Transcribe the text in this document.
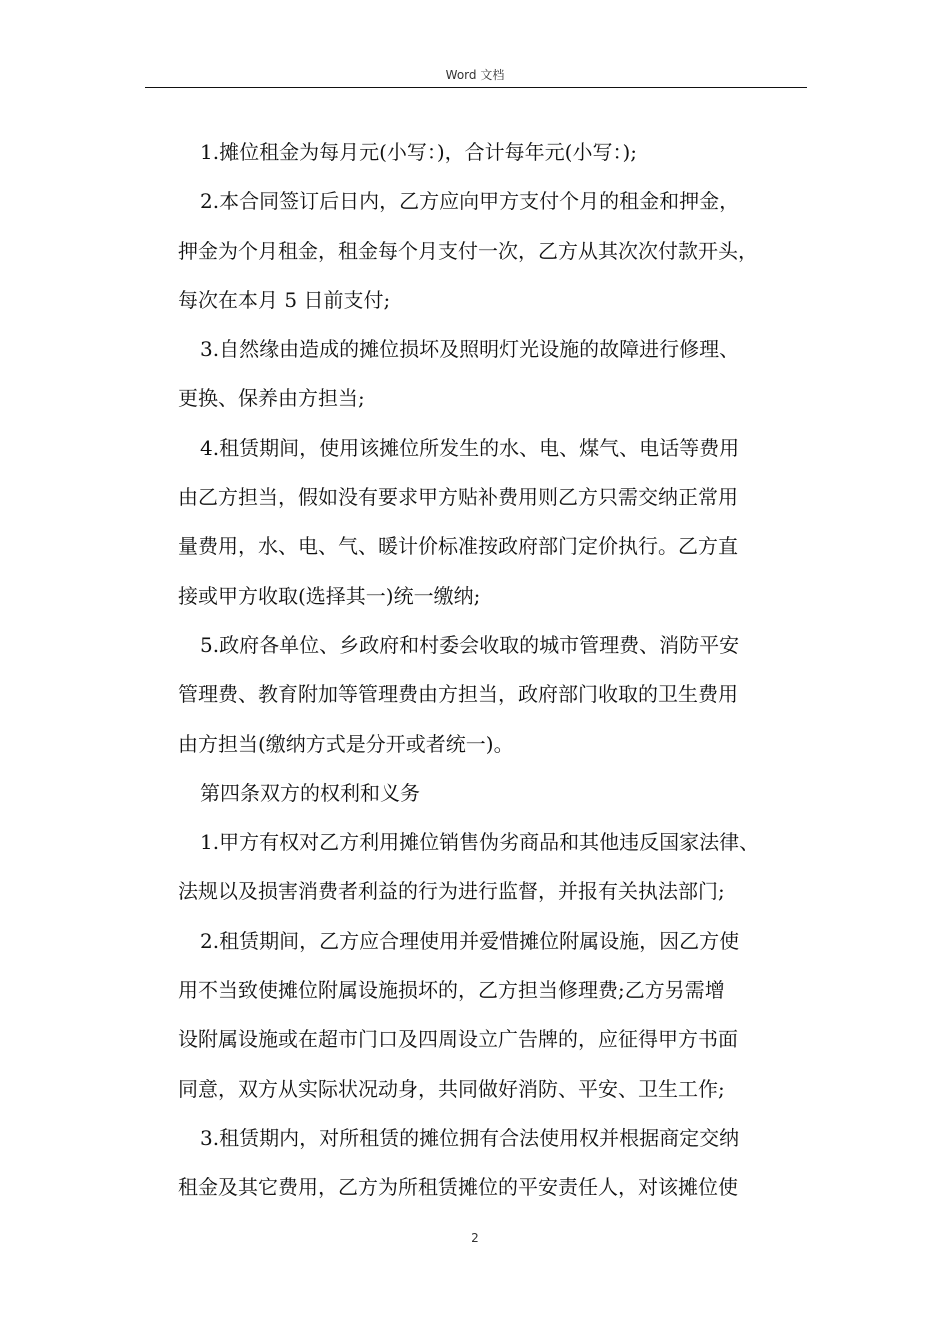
Word 文档
1.摊位租金为每月元(小写：)，合计每年元(小写：);
2.本合同签订后日内，乙方应向甲方支付个月的租金和押金，
押金为个月租金，租金每个月支付一次，乙方从其次次付款开头，
每次在本月 5 日前支付;
3.自然缘由造成的摊位损坏及照明灯光设施的故障进行修理、
更换、保养由方担当;
4.租赁期间，使用该摊位所发生的水、电、煤气、电话等费用
由乙方担当，假如没有要求甲方贴补费用则乙方只需交纳正常用
量费用，水、电、气、暖计价标准按政府部门定价执行。乙方直
接或甲方收取(选择其一)统一缴纳;
5.政府各单位、乡政府和村委会收取的城市管理费、消防平安
管理费、教育附加等管理费由方担当，政府部门收取的卫生费用
由方担当(缴纳方式是分开或者统一)。
第四条双方的权利和义务
1.甲方有权对乙方利用摊位销售伪劣商品和其他违反国家法律、
法规以及损害消费者利益的行为进行监督，并报有关执法部门;
2.租赁期间，乙方应合理使用并爱惜摊位附属设施，因乙方使
用不当致使摊位附属设施损坏的，乙方担当修理费;乙方另需增
设附属设施或在超市门口及四周设立广告牌的，应征得甲方书面
同意，双方从实际状况动身，共同做好消防、平安、卫生工作;
3.租赁期内，对所租赁的摊位拥有合法使用权并根据商定交纳
租金及其它费用，乙方为所租赁摊位的平安责任人，对该摊位使
2
